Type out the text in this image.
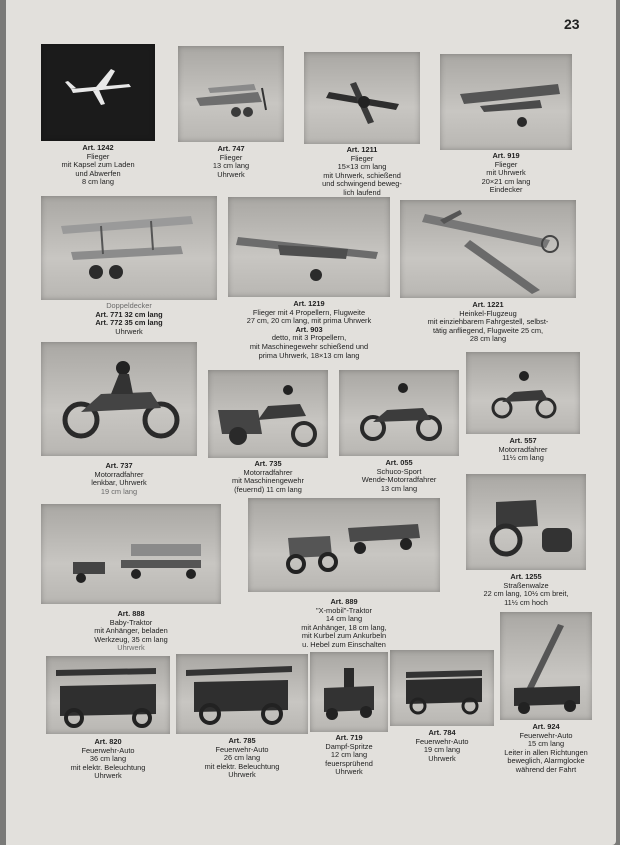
23
Art. 1242
Flieger
mit Kapsel zum Laden
und Abwerfen
8 cm lang
Art. 747
Flieger
13 cm lang
Uhrwerk
Art. 1211
Flieger
15×13 cm lang
mit Uhrwerk, schießend
und schwingend beweg-
lich laufend
Art. 919
Flieger
mit Uhrwerk
20×21 cm lang
Eindecker
Doppeldecker
Art. 771 32 cm lang
Art. 772 35 cm lang
Uhrwerk
Art. 1219
Flieger mit 4 Propellern, Flugweite
27 cm, 20 cm lang, mit prima Uhrwerk
Art. 903
detto, mit 3 Propellern,
mit Maschinegewehr schießend und
prima Uhrwerk, 18×13 cm lang
Art. 1221
Heinkel-Flugzeug
mit einziehbarem Fahrgestell, selbst-
tätig anfliegend, Flugweite 25 cm,
28 cm lang
Art. 737
Motorradfahrer
lenkbar, Uhrwerk
19 cm lang
Art. 735
Motorradfahrer
mit Maschinengewehr
(feuernd) 11 cm lang
Art. 055
Schuco-Sport
Wende-Motorradfahrer
13 cm lang
Art. 557
Motorradfahrer
11½ cm lang
Art. 888
Baby-Traktor
mit Anhänger, beladen
Werkzeug, 35 cm lang
Uhrwerk
Art. 889
"X-mobil"-Traktor
14 cm lang
mit Anhänger, 18 cm lang,
mit Kurbel zum Ankurbeln
u. Hebel zum Einschalten
Art. 1255
Straßenwalze
22 cm lang, 10½ cm breit,
11½ cm hoch
Art. 820
Feuerwehr-Auto
36 cm lang
mit elektr. Beleuchtung
Uhrwerk
Art. 785
Feuerwehr-Auto
26 cm lang
mit elektr. Beleuchtung
Uhrwerk
Art. 719
Dampf-Spritze
12 cm lang
feuersprühend
Uhrwerk
Art. 784
Feuerwehr-Auto
19 cm lang
Uhrwerk
Art. 924
Feuerwehr-Auto
15 cm lang
Leiter in allen Richtungen
beweglich, Alarmglocke
während der Fahrt
